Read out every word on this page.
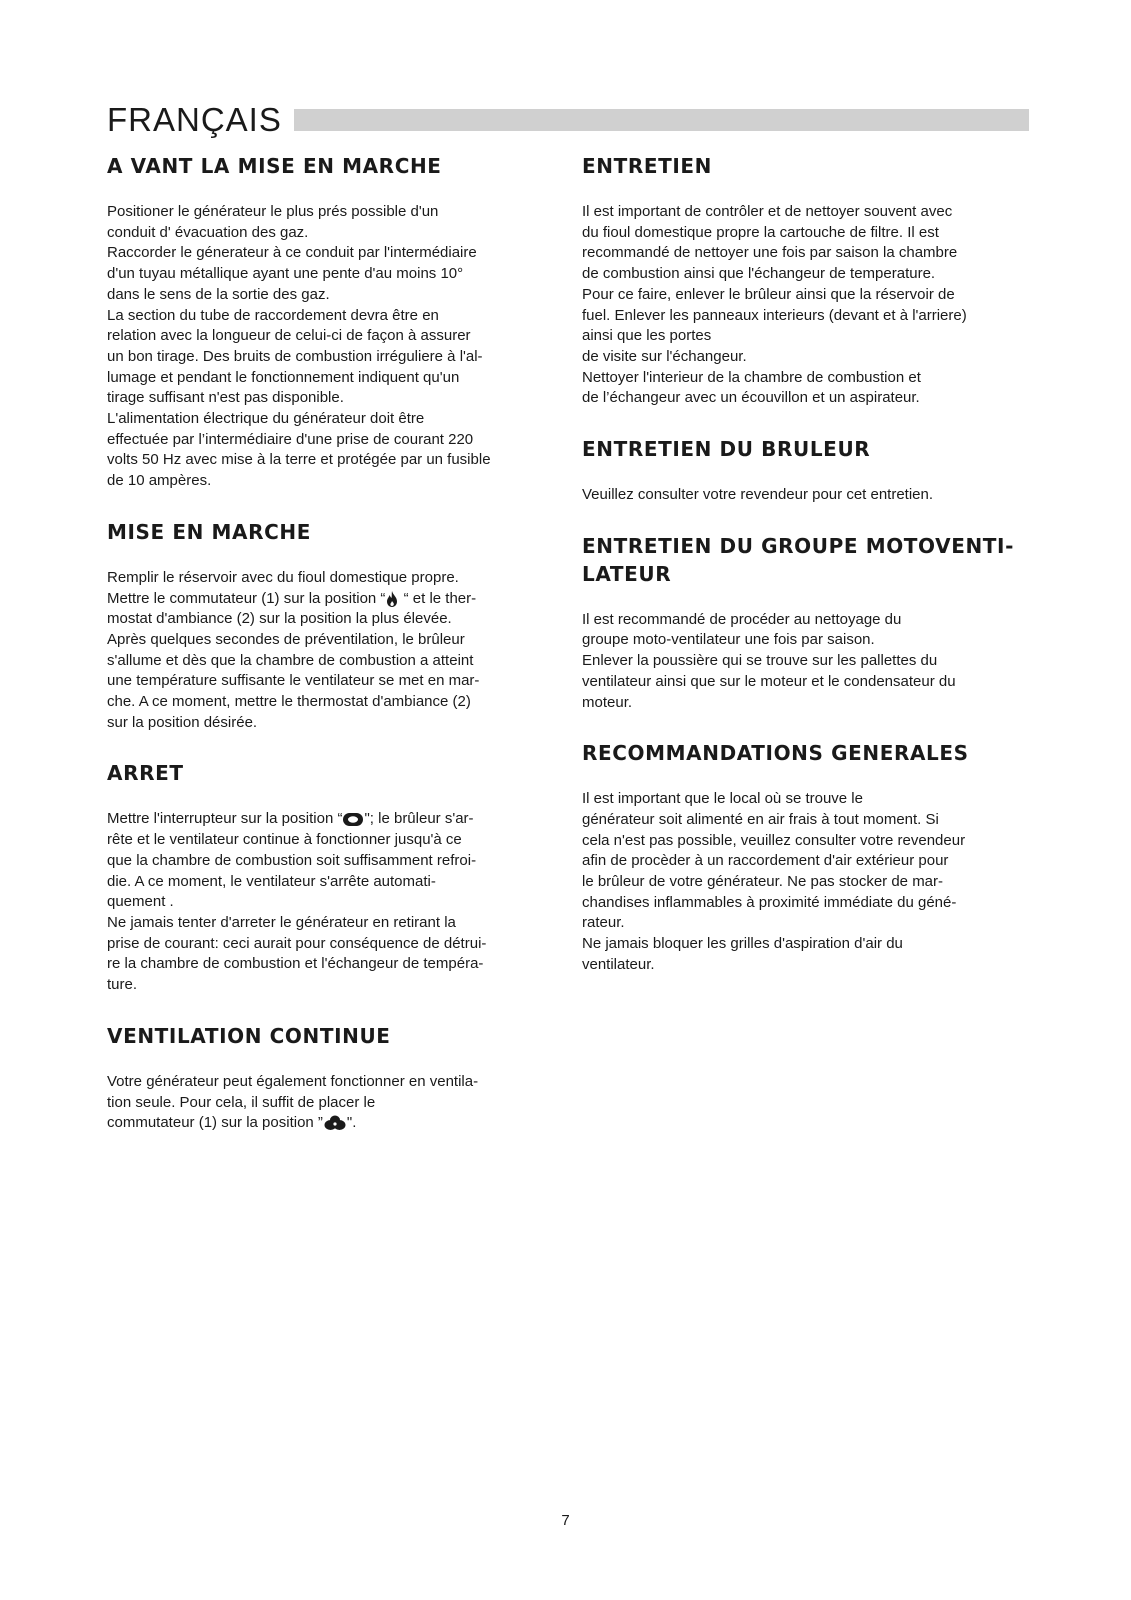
FRANÇAIS
A VANT LA MISE EN MARCHE

Positioner le générateur le plus prés possible d'un
conduit d' évacuation des gaz.
Raccorder le génerateur à ce conduit par l'intermédiaire
d'un tuyau métallique ayant une pente d'au moins 10°
dans le sens de la sortie des gaz.
La section du tube de raccordement devra être en
relation avec la longueur de celui-ci de façon à assurer
un bon tirage. Des bruits de combustion irréguliere à l'al-
lumage et pendant le fonctionnement indiquent qu'un
tirage suffisant n'est pas disponible.
L'alimentation électrique du générateur doit être
effectuée par l’intermédiaire d'une prise de courant 220
volts 50 Hz avec mise à la terre et protégée par un fusible
de 10 ampères.

MISE EN MARCHE

Remplir le réservoir avec du fioul domestique propre.
Mettre le commutateur (1) sur la position “ “ et le ther-
mostat d'ambiance (2) sur la position la plus élevée.
Après quelques secondes de préventilation, le brûleur
s'allume et dès que la chambre de combustion a atteint
une température suffisante le ventilateur se met en mar-
che. A ce moment, mettre le thermostat d'ambiance (2)
sur la position désirée.

ARRET

Mettre l'interrupteur sur la position “ "; le brûleur s'ar-
rête et le ventilateur continue à fonctionner jusqu'à ce
que la chambre de combustion soit suffisamment refroi-
die. A ce moment, le ventilateur s'arrête automati-
quement .
Ne jamais tenter d'arreter le générateur en retirant la
prise de courant: ceci aurait pour conséquence de détrui-
re la chambre de combustion et l'échangeur de tempéra-
ture.

VENTILATION CONTINUE

Votre générateur peut également fonctionner en ventila-
tion seule. Pour cela, il suffit de placer le
commutateur (1) sur la position ” ".

ENTRETIEN

Il est important de contrôler et de nettoyer souvent avec
du fioul domestique propre la cartouche de filtre. Il est
recommandé de nettoyer une fois par saison la chambre
de combustion ainsi que l'échangeur de temperature.
Pour ce faire, enlever le brûleur ainsi que la réservoir de
fuel. Enlever les panneaux interieurs (devant et à l'arriere)
ainsi que les portes
de visite sur l'échangeur.
Nettoyer l'interieur de la chambre de combustion et
de l’échangeur avec un écouvillon et un aspirateur.

ENTRETIEN DU BRULEUR

Veuillez consulter votre revendeur pour cet entretien.

ENTRETIEN DU GROUPE MOTOVENTI-
LATEUR

Il est recommandé de procéder au nettoyage du
groupe moto-ventilateur une fois par saison.
Enlever la poussière qui se trouve sur les pallettes du
ventilateur ainsi que sur le moteur et le condensateur du
moteur.

RECOMMANDATIONS GENERALES

Il est important que le local où se trouve le
générateur soit alimenté en air frais à tout moment. Si
cela n'est pas possible, veuillez consulter votre revendeur
afin de procèder à un raccordement d'air extérieur pour
le brûleur de votre générateur. Ne pas stocker de mar-
chandises inflammables à proximité immédiate du géné-
rateur.
Ne jamais bloquer les grilles d'aspiration d'air du
ventilateur.

7
